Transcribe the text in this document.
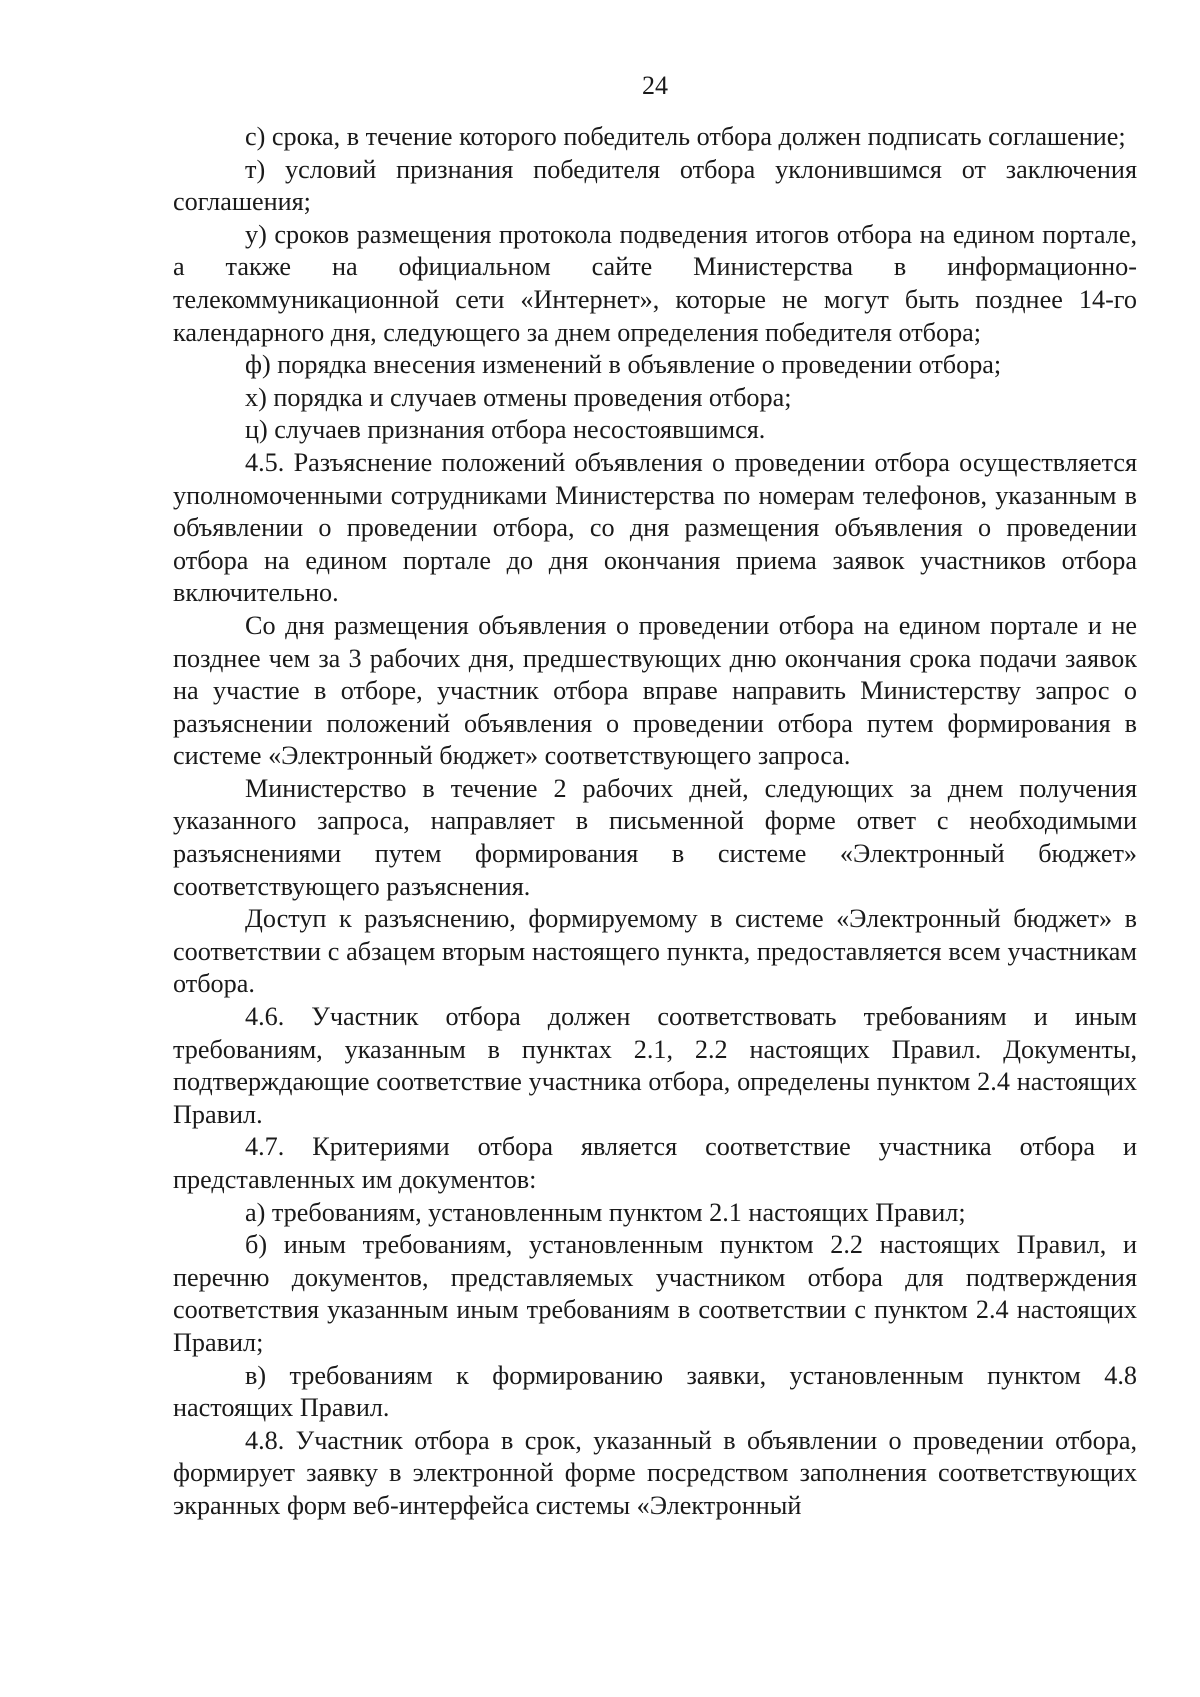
24

с) срока, в течение которого победитель отбора должен подписать соглашение;

т) условий признания победителя отбора уклонившимся от заключения соглашения;

у) сроков размещения протокола подведения итогов отбора на едином портале, а также на официальном сайте Министерства в информационно-телекоммуникационной сети «Интернет», которые не могут быть позднее 14-го календарного дня, следующего за днем определения победителя отбора;

ф) порядка внесения изменений в объявление о проведении отбора;

х) порядка и случаев отмены проведения отбора;

ц) случаев признания отбора несостоявшимся.

4.5. Разъяснение положений объявления о проведении отбора осуществляется уполномоченными сотрудниками Министерства по номерам телефонов, указанным в объявлении о проведении отбора, со дня размещения объявления о проведении отбора на едином портале до дня окончания приема заявок участников отбора включительно.

Со дня размещения объявления о проведении отбора на едином портале и не позднее чем за 3 рабочих дня, предшествующих дню окончания срока подачи заявок на участие в отборе, участник отбора вправе направить Министерству запрос о разъяснении положений объявления о проведении отбора путем формирования в системе «Электронный бюджет» соответствующего запроса.

Министерство в течение 2 рабочих дней, следующих за днем получения указанного запроса, направляет в письменной форме ответ с необходимыми разъяснениями путем формирования в системе «Электронный бюджет» соответствующего разъяснения.

Доступ к разъяснению, формируемому в системе «Электронный бюджет» в соответствии с абзацем вторым настоящего пункта, предоставляется всем участникам отбора.

4.6. Участник отбора должен соответствовать требованиям и иным требованиям, указанным в пунктах 2.1, 2.2 настоящих Правил. Документы, подтверждающие соответствие участника отбора, определены пунктом 2.4 настоящих Правил.

4.7. Критериями отбора является соответствие участника отбора и представленных им документов:

а) требованиям, установленным пунктом 2.1 настоящих Правил;

б) иным требованиям, установленным пунктом 2.2 настоящих Правил, и перечню документов, представляемых участником отбора для подтверждения соответствия указанным иным требованиям в соответствии с пунктом 2.4 настоящих Правил;

в) требованиям к формированию заявки, установленным пунктом 4.8 настоящих Правил.

4.8. Участник отбора в срок, указанный в объявлении о проведении отбора, формирует заявку в электронной форме посредством заполнения соответствующих экранных форм веб-интерфейса системы «Электронный
